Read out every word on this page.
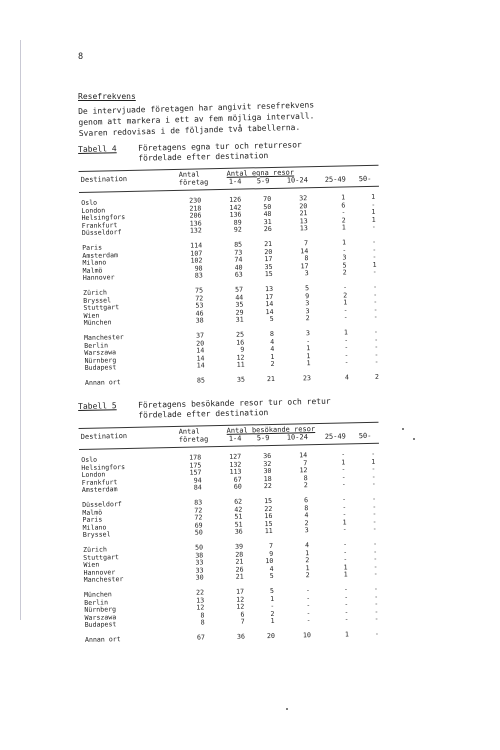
8
Resefrekvens
De intervjuade företagen har angivit resefrekvens
genom att markera i ett av fem möjliga intervall.
Svaren redovisas i de följande två tabellerna.
Tabell 4	Företagens egna tur och returresor
fördelade efter destination
Destination
Antal
företag
Antal egna resor
1-4 5-9 10-24 25-49 50-
Oslo	230	126	70	32	1	1
London	218	142	50	20	6	-
Helsingfors	206	136	48	21	-	1
Frankfurt	136	89	31	13	2	1
Düsseldorf	132	92	26	13	1	-
Paris	114	85	21	7	1	-
Amsterdam	107	73	20	14	-	-
Milano	102	74	17	8	3	-
Malmö	98	40	35	17	5	1
Hannover	83	63	15	3	2	-
Zürich	75	57	13	5	-	-
Bryssel	72	44	17	9	2	-
Stuttgart	53	35	14	3	1	-
Wien	46	29	14	3	-	-
München	38	31	5	2	-	-
Manchester	37	25	8	3	1	-
Berlin	20	16	4	-	-	-
Warszawa	14	9	4	1	-	-
Nürnberg	14	12	1	1	-	-
Budapest	14	11	2	1	-	-
Annan ort	85	35	21	23	4	2
Tabell 5	Företagens besökande resor tur och retur
fördelade efter destination
Destination
Antal
företag
Antal besökande resor
1-4 5-9 10-24 25-49 50-
Oslo	178	127	36	14	-	-
Helsingfors	175	132	32	7	1	1
London	157	113	30	12	-	-
Frankfurt	94	67	18	8	-	-
Amsterdam	84	60	22	2	-	-
Düsseldorf	83	62	15	6	-	-
Malmö	72	42	22	8	-	-
Paris	72	51	16	4	-	-
Milano	69	51	15	2	1	-
Bryssel	50	36	11	3	-	-
Zürich	50	39	7	4	-	-
Stuttgart	38	28	9	1	-	-
Wien	33	21	10	2	-	-
Hannover	33	26	4	1	1	-
Manchester	30	21	5	2	1	-
München	22	17	5	-	-	-
Berlin	13	12	1	-	-	-
Nürnberg	12	12	-	-	-	-
Warszawa	8	6	2	-	-	-
Budapest	8	7	1	-	-	-
Annan ort	67	36	20	10	1	-
